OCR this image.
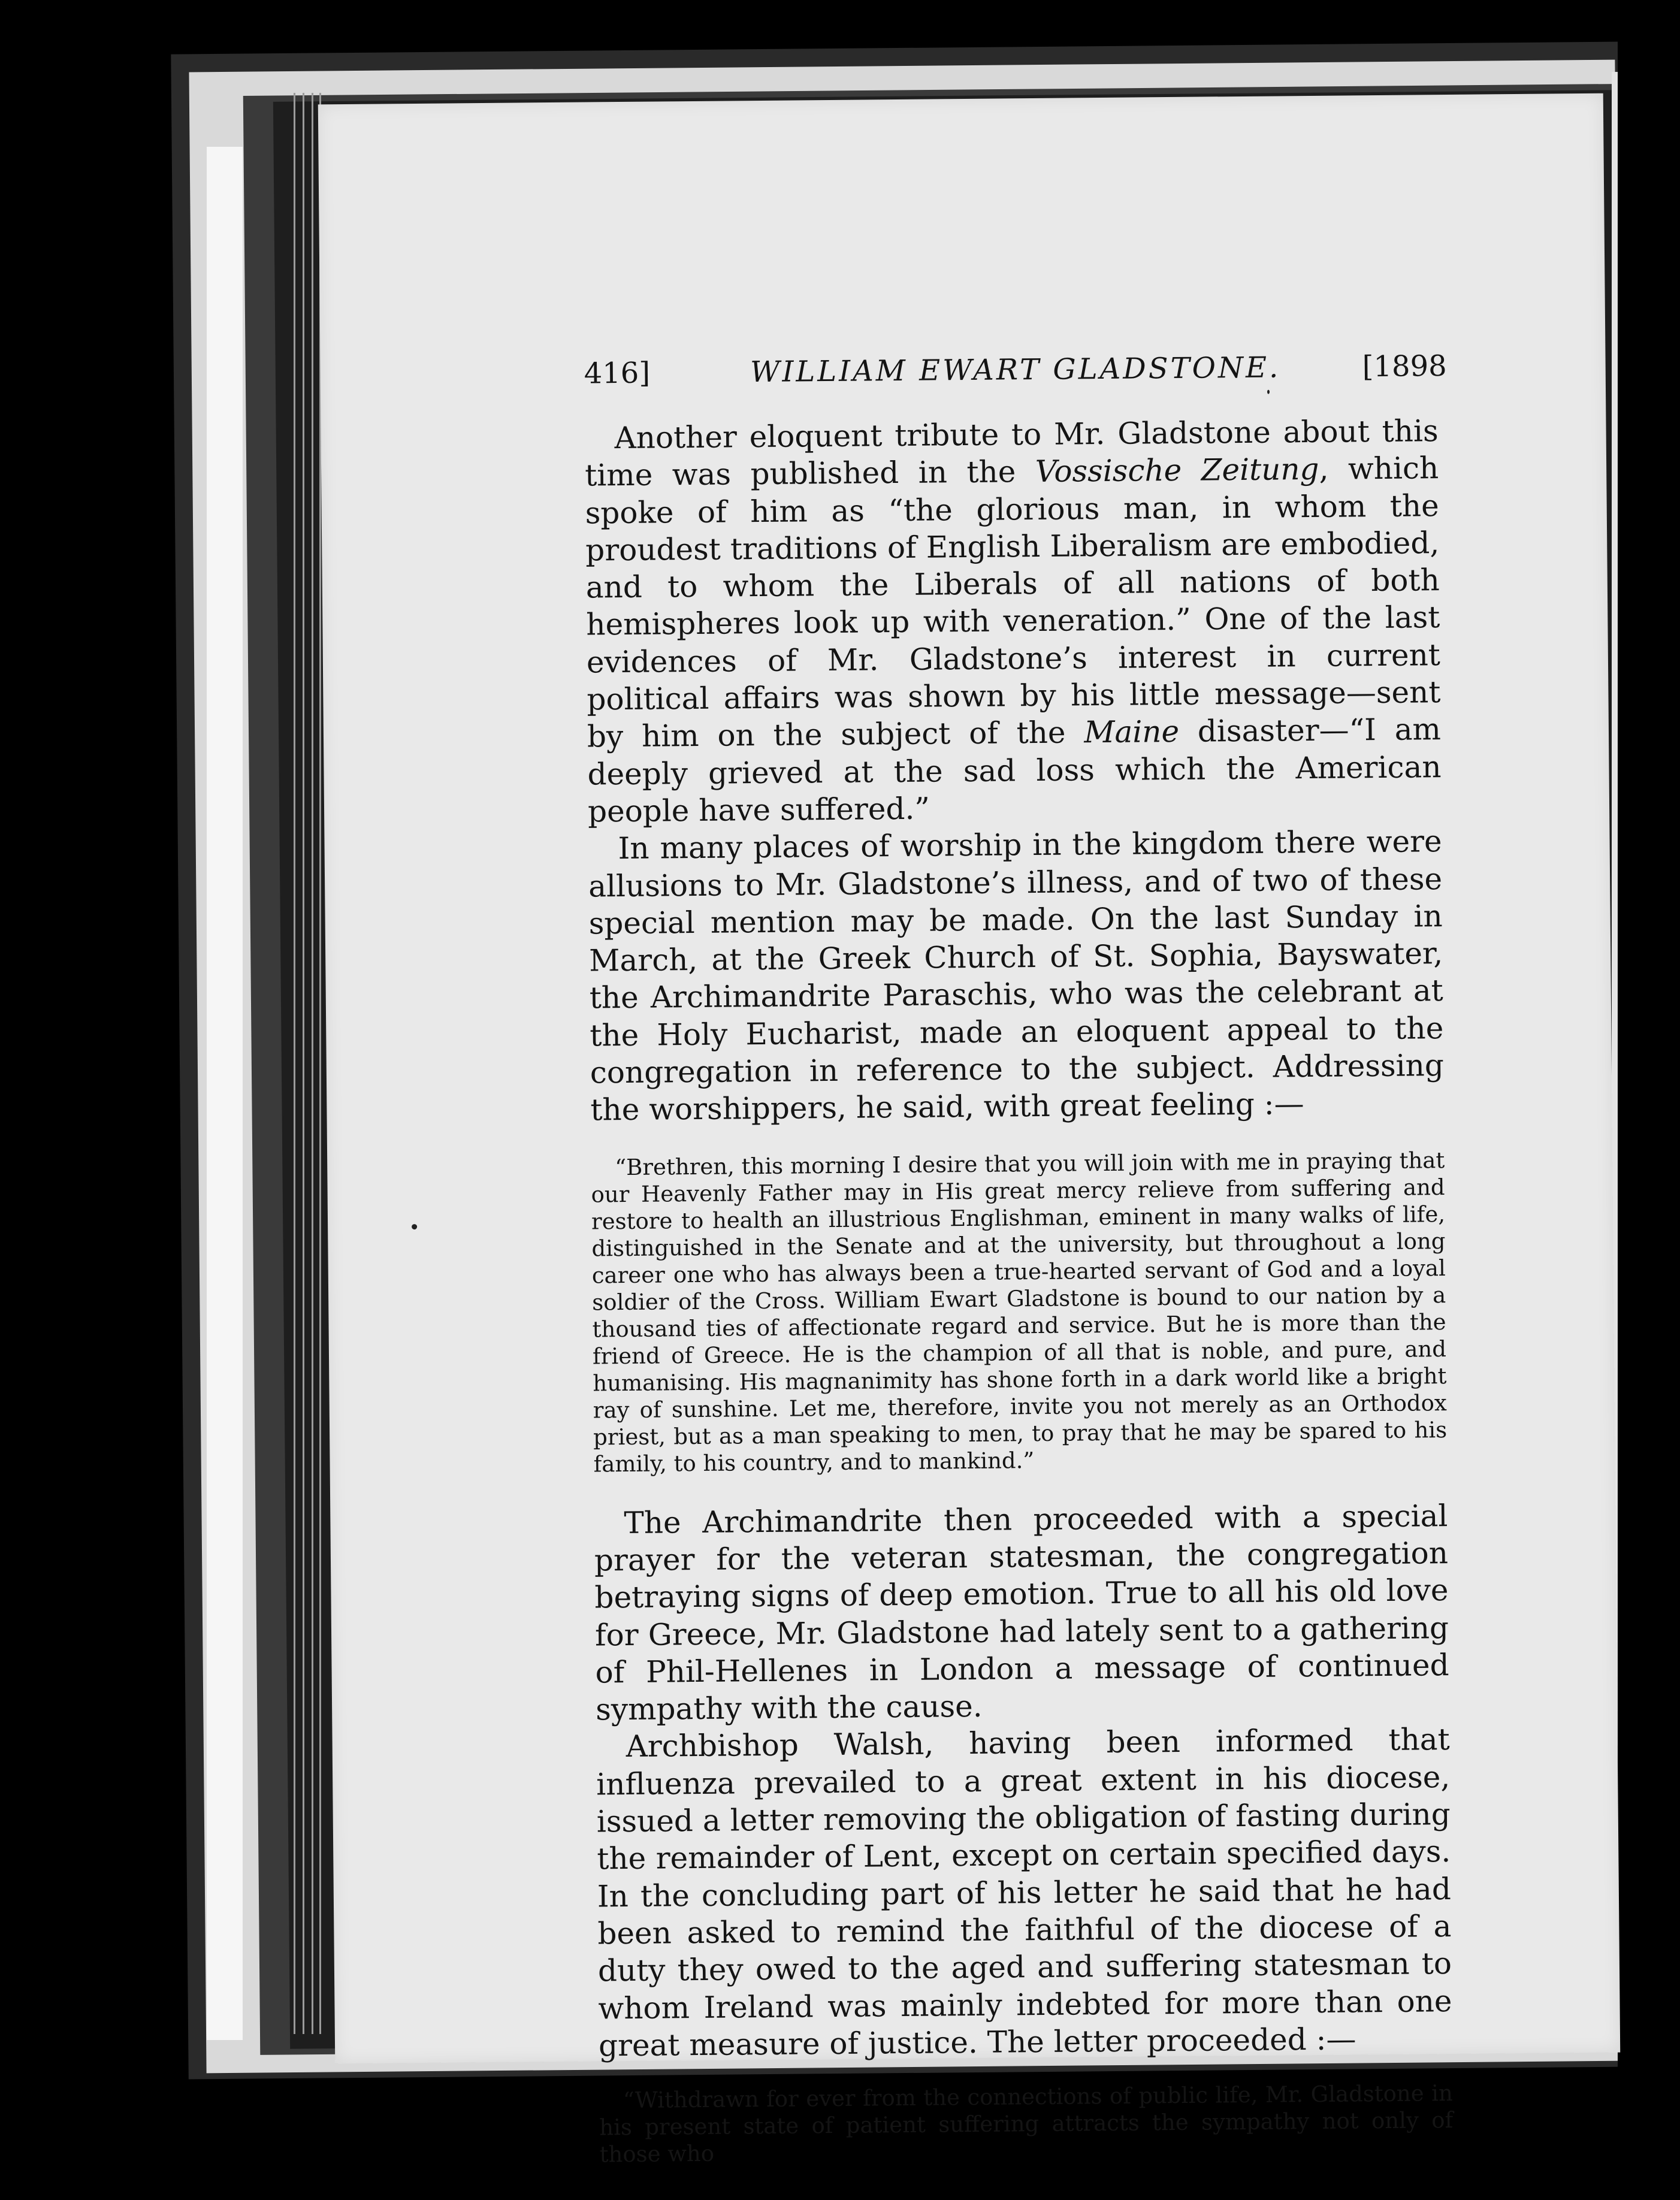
416]	WILLIAM EWART GLADSTONE.	[1898

Another eloquent tribute to Mr. Gladstone about this time was published in the Vossische Zeitung, which spoke of him as “the glorious man, in whom the proudest traditions of English Liberalism are embodied, and to whom the Liberals of all nations of both hemispheres look up with veneration.” One of the last evidences of Mr. Gladstone’s interest in current political affairs was shown by his little message—sent by him on the subject of the Maine disaster—“I am deeply grieved at the sad loss which the American people have suffered.”

In many places of worship in the kingdom there were allusions to Mr. Gladstone’s illness, and of two of these special mention may be made. On the last Sunday in March, at the Greek Church of St. Sophia, Bayswater, the Archimandrite Paraschis, who was the celebrant at the Holy Eucharist, made an eloquent appeal to the congregation in reference to the subject. Addressing the worshippers, he said, with great feeling :—

“Brethren, this morning I desire that you will join with me in praying that our Heavenly Father may in His great mercy relieve from suffering and restore to health an illustrious Englishman, eminent in many walks of life, distinguished in the Senate and at the university, but throughout a long career one who has always been a true-hearted servant of God and a loyal soldier of the Cross. William Ewart Gladstone is bound to our nation by a thousand ties of affectionate regard and service. But he is more than the friend of Greece. He is the champion of all that is noble, and pure, and humanising. His magnanimity has shone forth in a dark world like a bright ray of sunshine. Let me, therefore, invite you not merely as an Orthodox priest, but as a man speaking to men, to pray that he may be spared to his family, to his country, and to mankind.”

The Archimandrite then proceeded with a special prayer for the veteran statesman, the congregation betraying signs of deep emotion. True to all his old love for Greece, Mr. Gladstone had lately sent to a gathering of Phil-Hellenes in London a message of continued sympathy with the cause.

Archbishop Walsh, having been informed that influenza prevailed to a great extent in his diocese, issued a letter removing the obligation of fasting during the remainder of Lent, except on certain specified days. In the concluding part of his letter he said that he had been asked to remind the faithful of the diocese of a duty they owed to the aged and suffering statesman to whom Ireland was mainly indebted for more than one great measure of justice. The letter proceeded :—

“Withdrawn for ever from the connections of public life, Mr. Gladstone in his present state of patient suffering attracts the sympathy not only of those who
